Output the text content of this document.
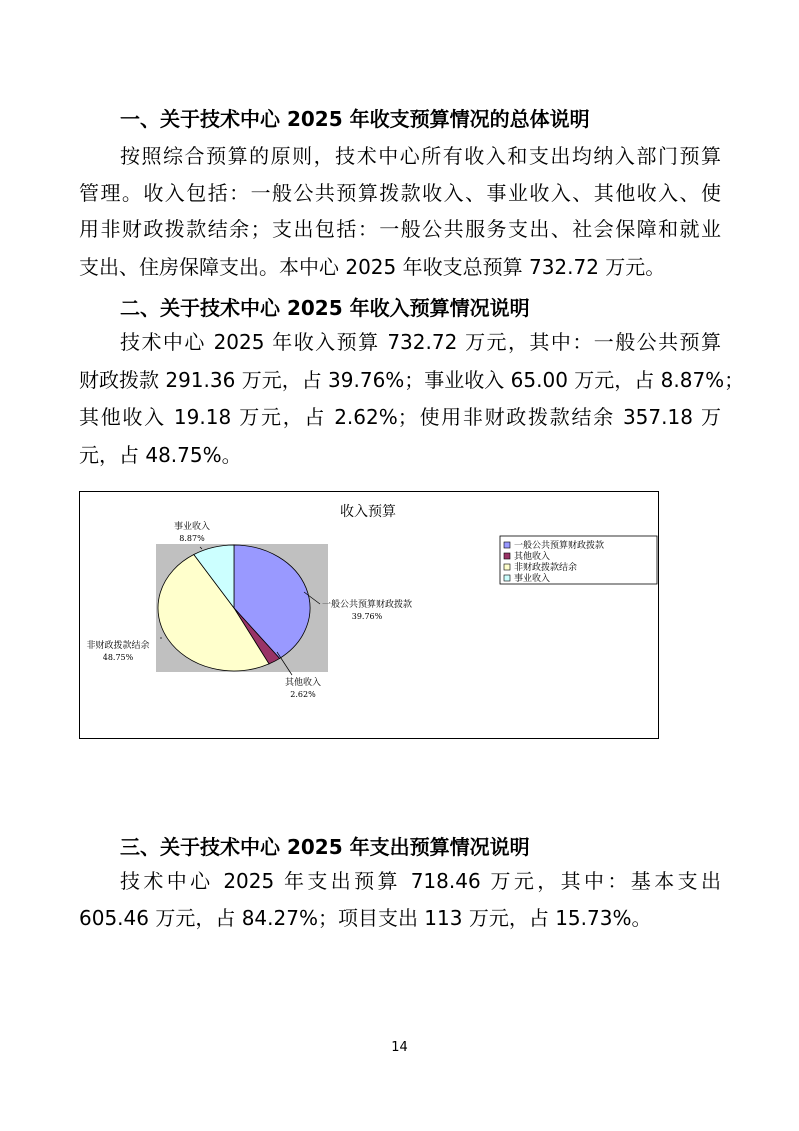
一、关于技术中心 2025 年收支预算情况的总体说明
按照综合预算的原则，技术中心所有收入和支出均纳入部门预算
管理。收入包括：一般公共预算拨款收入、事业收入、其他收入、使
用非财政拨款结余；支出包括：一般公共服务支出、社会保障和就业
支出、住房保障支出。本中心 2025 年收支总预算 732.72 万元。
二、关于技术中心 2025 年收入预算情况说明
技术中心 2025 年收入预算 732.72 万元，其中：一般公共预算
财政拨款 291.36 万元，占 39.76%；事业收入 65.00 万元，占 8.87%；
其他收入 19.18 万元，占 2.62%；使用非财政拨款结余 357.18 万
元，占 48.75%。
收入预算
一般公共预算财政拨款
39.76%
其他收入
2.62%
非财政拨款结余
48.75%
事业收入
8.87%
一般公共预算财政拨款
其他收入
非财政拨款结余
事业收入
三、关于技术中心 2025 年支出预算情况说明
技术中心 2025 年支出预算 718.46 万元，其中：基本支出
605.46 万元，占 84.27%；项目支出 113 万元，占 15.73%。
14
